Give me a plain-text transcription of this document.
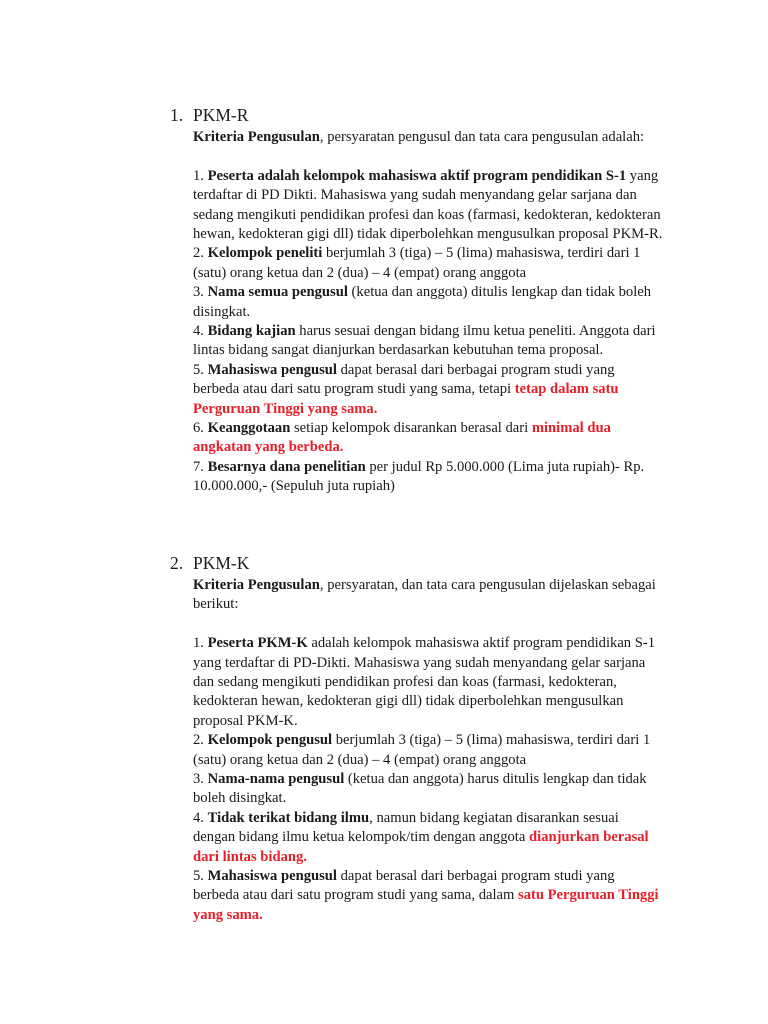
1. PKM-R

Kriteria Pengusulan, persyaratan pengusul dan tata cara pengusulan adalah:

1. Peserta adalah kelompok mahasiswa aktif program pendidikan S-1 yang terdaftar di PD Dikti. Mahasiswa yang sudah menyandang gelar sarjana dan sedang mengikuti pendidikan profesi dan koas (farmasi, kedokteran, kedokteran hewan, kedokteran gigi dll) tidak diperbolehkan mengusulkan proposal PKM-R.

2. Kelompok peneliti berjumlah 3 (tiga) – 5 (lima) mahasiswa, terdiri dari 1 (satu) orang ketua dan 2 (dua) – 4 (empat) orang anggota

3. Nama semua pengusul (ketua dan anggota) ditulis lengkap dan tidak boleh disingkat.

4. Bidang kajian harus sesuai dengan bidang ilmu ketua peneliti. Anggota dari lintas bidang sangat dianjurkan berdasarkan kebutuhan tema proposal.

5. Mahasiswa pengusul dapat berasal dari berbagai program studi yang berbeda atau dari satu program studi yang sama, tetapi tetap dalam satu Perguruan Tinggi yang sama.

6. Keanggotaan setiap kelompok disarankan berasal dari minimal dua angkatan yang berbeda.

7. Besarnya dana penelitian per judul Rp 5.000.000 (Lima juta rupiah)- Rp. 10.000.000,- (Sepuluh juta rupiah)

2. PKM-K

Kriteria Pengusulan, persyaratan, dan tata cara pengusulan dijelaskan sebagai berikut:

1. Peserta PKM-K adalah kelompok mahasiswa aktif program pendidikan S-1 yang terdaftar di PD-Dikti. Mahasiswa yang sudah menyandang gelar sarjana dan sedang mengikuti pendidikan profesi dan koas (farmasi, kedokteran, kedokteran hewan, kedokteran gigi dll) tidak diperbolehkan mengusulkan proposal PKM-K.

2. Kelompok pengusul berjumlah 3 (tiga) – 5 (lima) mahasiswa, terdiri dari 1 (satu) orang ketua dan 2 (dua) – 4 (empat) orang anggota

3. Nama-nama pengusul (ketua dan anggota) harus ditulis lengkap dan tidak boleh disingkat.

4. Tidak terikat bidang ilmu, namun bidang kegiatan disarankan sesuai dengan bidang ilmu ketua kelompok/tim dengan anggota dianjurkan berasal dari lintas bidang.

5. Mahasiswa pengusul dapat berasal dari berbagai program studi yang berbeda atau dari satu program studi yang sama, dalam satu Perguruan Tinggi yang sama.
